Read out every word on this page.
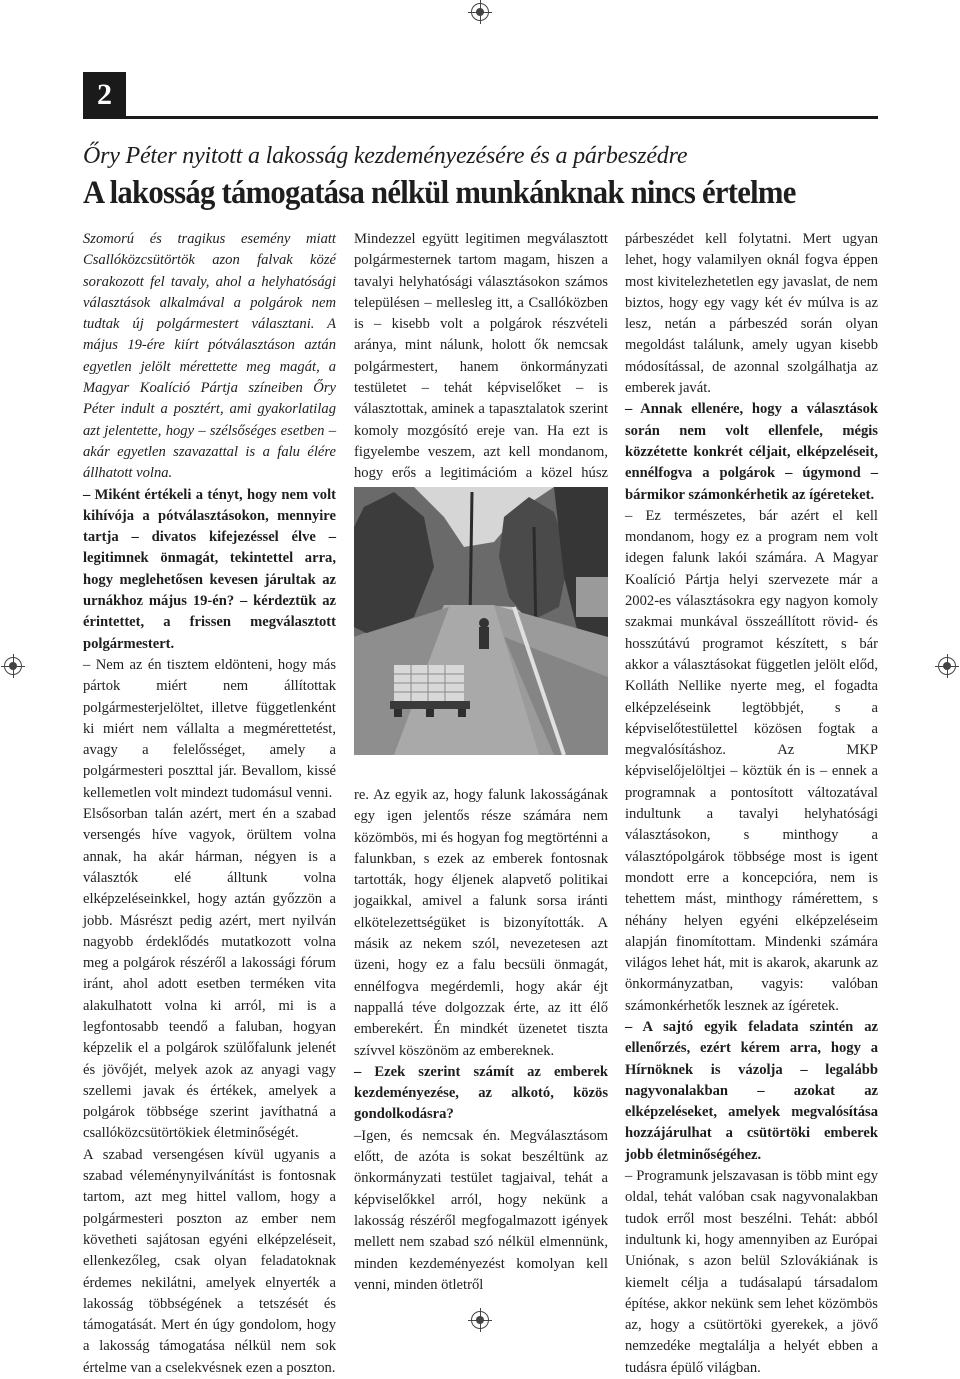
2
Őry Péter nyitott a lakosság kezdeményezésére és a párbeszédre
A lakosság támogatása nélkül munkánknak nincs értelme

Szomorú és tragikus esemény miatt Csallóközcsütörtök azon falvak közé sorakozott fel tavaly, ahol a helyhatósági választások alkalmával a polgárok nem tudtak új polgármestert választani. A május 19-ére kiírt pótválasztáson aztán egyetlen jelölt mérettette meg magát, a Magyar Koalíció Pártja színeiben Őry Péter indult a posztért, ami gyakorlatilag azt jelentette, hogy – szélsőséges esetben – akár egyetlen szavazattal is a falu élére állhatott volna.

– Miként értékeli a tényt, hogy nem volt kihívója a pótválasztásokon, mennyire tartja – divatos kifejezéssel élve – legitimnek önmagát, tekintettel arra, hogy meglehetősen kevesen járultak az urnákhoz május 19-én? – kérdeztük az érintettet, a frissen megválasztott polgármestert.

– Nem az én tisztem eldönteni, hogy más pártok miért nem állítottak polgármesterjelöltet, illetve függetlenként ki miért nem vállalta a megmérettetést, avagy a felelősséget, amely a polgármesteri poszttal jár. Bevallom, kissé kellemetlen volt mindezt tudomásul venni.

Elsősorban talán azért, mert én a szabad versengés híve vagyok, örültem volna annak, ha akár hárman, négyen is a választók elé álltunk volna elképzeléseinkkel, hogy aztán győzzön a jobb. Másrészt pedig azért, mert nyilván nagyobb érdeklődés mutatkozott volna meg a polgárok részéről a lakossági fórum iránt, ahol adott esetben terméken vita alakulhatott volna ki arról, mi is a legfontosabb teendő a faluban, hogyan képzelik el a polgárok szülőfalunk jelenét és jövőjét, melyek azok az anyagi vagy szellemi javak és értékek, amelyek a polgárok többsége szerint javíthatná a csallóközcsütörtökiek életminőségét.

A szabad versengésen kívül ugyanis a szabad véleménynyilvánítást is fontosnak tartom, azt meg hittel vallom, hogy a polgármesteri poszton az ember nem követheti sajátosan egyéni elképzeléseit, ellenkezőleg, csak olyan feladatoknak érdemes nekilátni, amelyek elnyerték a lakosság többségének a tetszését és támogatását. Mert én úgy gondolom, hogy a lakosság támogatása nélkül nem sok értelme van a cselekvésnek ezen a poszton.

Mindezzel együtt legitimen megválasztott polgármesternek tartom magam, hiszen a tavalyi helyhatósági választásokon számos településen – mellesleg itt, a Csallóközben is – kisebb volt a polgárok részvételi aránya, mint nálunk, holott ők nemcsak polgármestert, hanem önkormányzati testületet – tehát képviselőket – is választottak, aminek a tapasztalatok szerint komoly mozgósító ereje van. Ha ezt is figyelembe veszem, azt kell mondanom, hogy erős a legitimációm a közel húsz

re. Az egyik az, hogy falunk lakosságának egy igen jelentős része számára nem közömbös, mi és hogyan fog megtörténni a falunkban, s ezek az emberek fontosnak tartották, hogy éljenek alapvető politikai jogaikkal, amivel a falunk sorsa iránti elkötelezettségüket is bizonyították. A másik az nekem szól, nevezetesen azt üzeni, hogy ez a falu becsüli önmagát, ennélfogva megérdemli, hogy akár éjt nappallá téve dolgozzak érte, az itt élő emberekért. Én mindkét üzenetet tiszta szívvel köszönöm az embereknek.

– Ezek szerint számít az emberek kezdeményezése, az alkotó, közös gondolkodásra?

–Igen, és nemcsak én. Megválasztásom előtt, de azóta is sokat beszéltünk az önkormányzati testület tagjaival, tehát a képviselőkkel arról, hogy nekünk a lakosság részéről megfogalmazott igények mellett nem szabad szó nélkül elmennünk, minden kezdeményezést komolyan kell venni, minden ötletről

párbeszédet kell folytatni. Mert ugyan lehet, hogy valamilyen oknál fogva éppen most kivitelezhetetlen egy javaslat, de nem biztos, hogy egy vagy két év múlva is az lesz, netán a párbeszéd során olyan megoldást találunk, amely ugyan kisebb módosítással, de azonnal szolgálhatja az emberek javát.

– Annak ellenére, hogy a választások során nem volt ellenfele, mégis közzétette konkrét céljait, elképzeléseit, ennélfogva a polgárok – úgymond – bármikor számonkérhetik az ígéreteket.

– Ez természetes, bár azért el kell mondanom, hogy ez a program nem volt idegen falunk lakói számára. A Magyar Koalíció Pártja helyi szervezete már a 2002-es választásokra egy nagyon komoly szakmai munkával összeállított rövid- és hosszútávú programot készített, s bár akkor a választásokat független jelölt előd, Kolláth Nellike nyerte meg, el fogadta elképzeléseink legtöbbjét, s a képviselőtestülettel közösen fogtak a megvalósításhoz. Az MKP képviselőjelöltjei – köztük én is – ennek a programnak a pontosított változatával indultunk a tavalyi helyhatósági választásokon, s minthogy a választópolgárok többsége most is igent mondott erre a koncepcióra, nem is tehettem mást, minthogy rámérettem, s néhány helyen egyéni elképzeléseim alapján finomítottam. Mindenki számára világos lehet hát, mit is akarok, akarunk az önkormányzatban, vagyis: valóban számonkérhetők lesznek az ígéretek.

– A sajtó egyik feladata szintén az ellenőrzés, ezért kérem arra, hogy a Hírnöknek is vázolja – legalább nagyvonalakban – azokat az elképzeléseket, amelyek megvalósítása hozzájárulhat a csütörtöki emberek jobb életminőségéhez.

– Programunk jelszavasan is több mint egy oldal, tehát valóban csak nagyvonalakban tudok erről most beszélni. Tehát: abból indultunk ki, hogy amennyiben az Európai Uniónak, s azon belül Szlovákiának is kiemelt célja a tudásalapú társadalom építése, akkor nekünk sem lehet közömbös az, hogy a csütörtöki gyerekek, a jövő nemzedéke megtalálja a helyét ebben a tudásra épülő világban.
